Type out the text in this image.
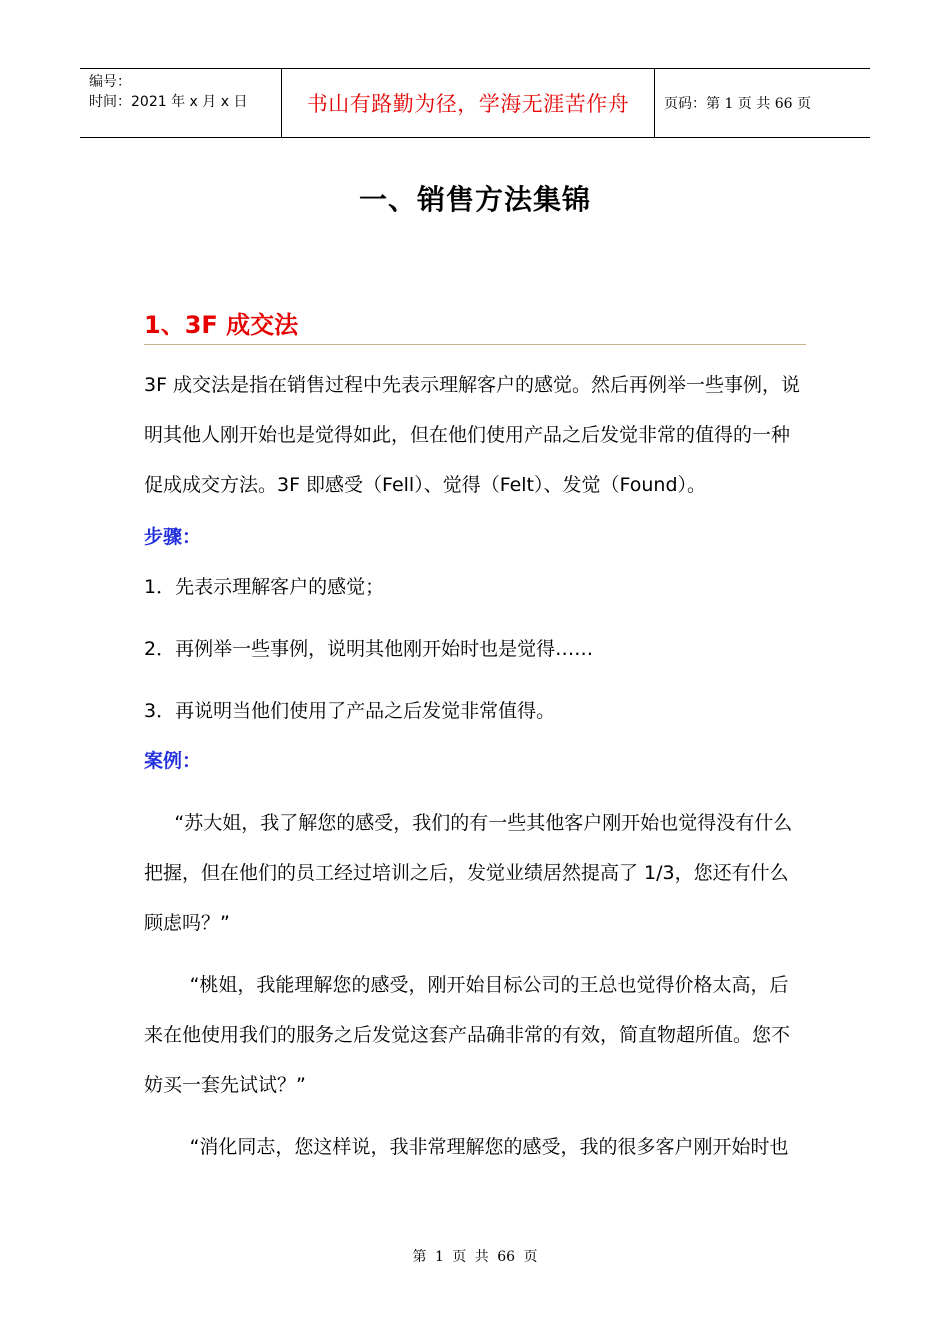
编号：
时间：2021 年 x 月 x 日	书山有路勤为径，学海无涯苦作舟	页码：第 1 页 共 66 页
一、销售方法集锦
1、3F 成交法

3F 成交法是指在销售过程中先表示理解客户的感觉。然后再例举一些事例，说明其他人刚开始也是觉得如此，但在他们使用产品之后发觉非常的值得的一种促成成交方法。3F 即感受（Fell）、觉得（Felt）、发觉（Found）。

步骤：

1．先表示理解客户的感觉；

2．再例举一些事例，说明其他刚开始时也是觉得……

3．再说明当他们使用了产品之后发觉非常值得。

案例：

“苏大姐，我了解您的感受，我们的有一些其他客户刚开始也觉得没有什么把握，但在他们的员工经过培训之后，发觉业绩居然提高了 1/3，您还有什么顾虑吗？”

“桃姐，我能理解您的感受，刚开始目标公司的王总也觉得价格太高，后来在他使用我们的服务之后发觉这套产品确非常的有效，简直物超所值。您不妨买一套先试试？”

“消化同志，您这样说，我非常理解您的感受，我的很多客户刚开始时也

第 1 页 共 66 页
